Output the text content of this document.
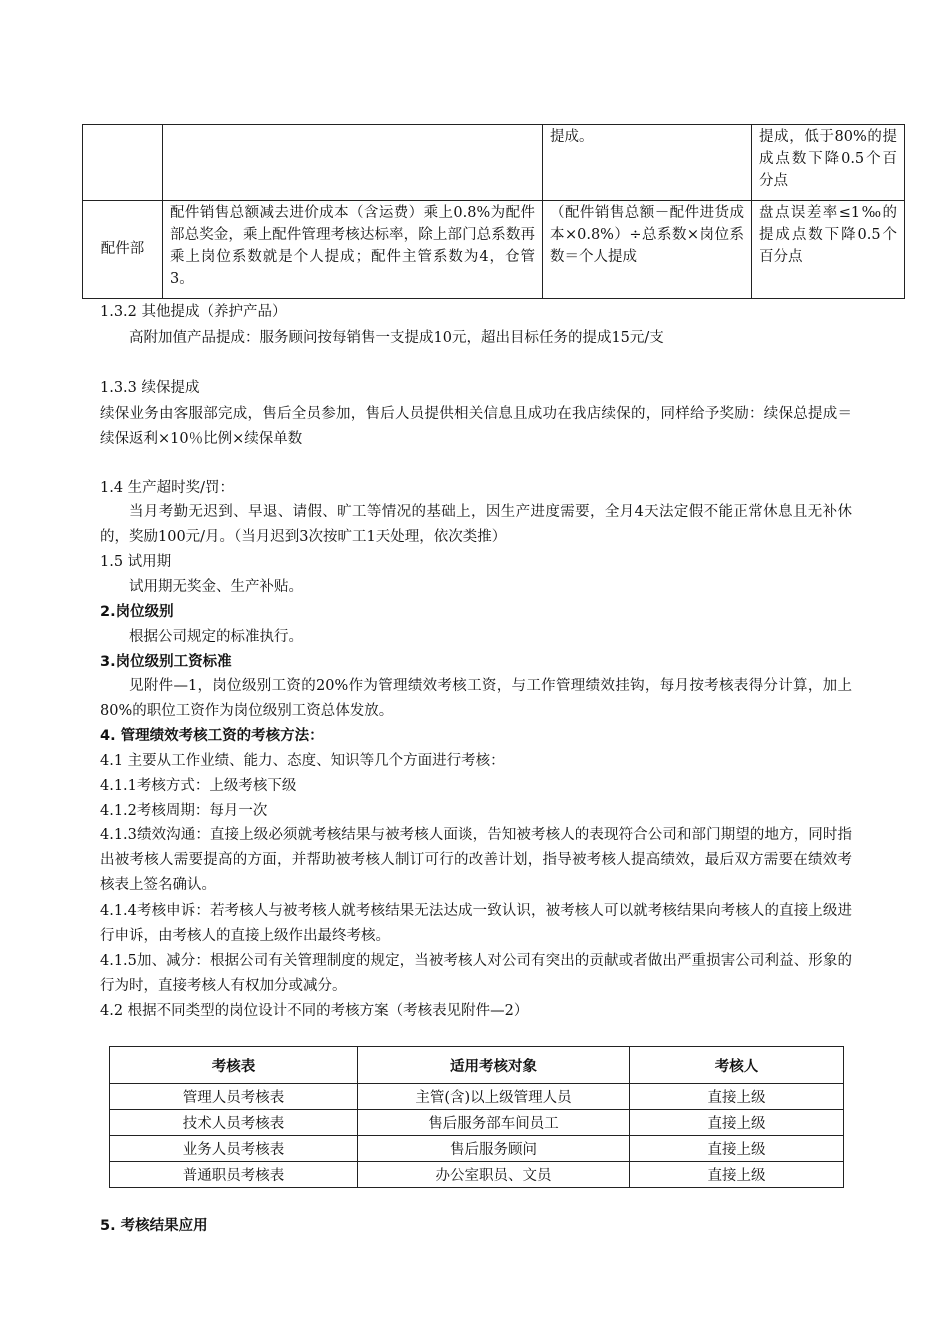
		提成。	提成，低于80%的提成点数下降0.5个百分点
配件部	配件销售总额减去进价成本（含运费）乘上0.8%为配件部总奖金，乘上配件管理考核达标率，除上部门总系数再乘上岗位系数就是个人提成；配件主管系数为4，仓管3。	（配件销售总额－配件进货成本×0.8%）÷总系数×岗位系数＝个人提成	盘点误差率≤1‰的提成点数下降0.5个百分点
1.3.2 其他提成（养护产品）
高附加值产品提成：服务顾问按每销售一支提成10元，超出目标任务的提成15元/支
1.3.3 续保提成
续保业务由客服部完成，售后全员参加，售后人员提供相关信息且成功在我店续保的，同样给予奖励：续保总提成＝续保返利×10％比例×续保单数
1.4 生产超时奖/罚：
当月考勤无迟到、早退、请假、旷工等情况的基础上，因生产进度需要，全月4天法定假不能正常休息且无补休的，奖励100元/月。（当月迟到3次按旷工1天处理，依次类推）
1.5 试用期
试用期无奖金、生产补贴。
2.岗位级别
根据公司规定的标准执行。
3.岗位级别工资标准
见附件—1，岗位级别工资的20%作为管理绩效考核工资，与工作管理绩效挂钩，每月按考核表得分计算，加上80%的职位工资作为岗位级别工资总体发放。
4. 管理绩效考核工资的考核方法：
4.1 主要从工作业绩、能力、态度、知识等几个方面进行考核：
4.1.1考核方式：上级考核下级
4.1.2考核周期：每月一次
4.1.3绩效沟通：直接上级必须就考核结果与被考核人面谈，告知被考核人的表现符合公司和部门期望的地方，同时指出被考核人需要提高的方面，并帮助被考核人制订可行的改善计划，指导被考核人提高绩效，最后双方需要在绩效考核表上签名确认。
4.1.4考核申诉：若考核人与被考核人就考核结果无法达成一致认识，被考核人可以就考核结果向考核人的直接上级进行申诉，由考核人的直接上级作出最终考核。
4.1.5加、减分：根据公司有关管理制度的规定，当被考核人对公司有突出的贡献或者做出严重损害公司利益、形象的行为时，直接考核人有权加分或减分。
4.2 根据不同类型的岗位设计不同的考核方案（考核表见附件—2）
考核表	适用考核对象	考核人
管理人员考核表	主管(含)以上级管理人员	直接上级
技术人员考核表	售后服务部车间员工	直接上级
业务人员考核表	售后服务顾问	直接上级
普通职员考核表	办公室职员、文员	直接上级
5. 考核结果应用
